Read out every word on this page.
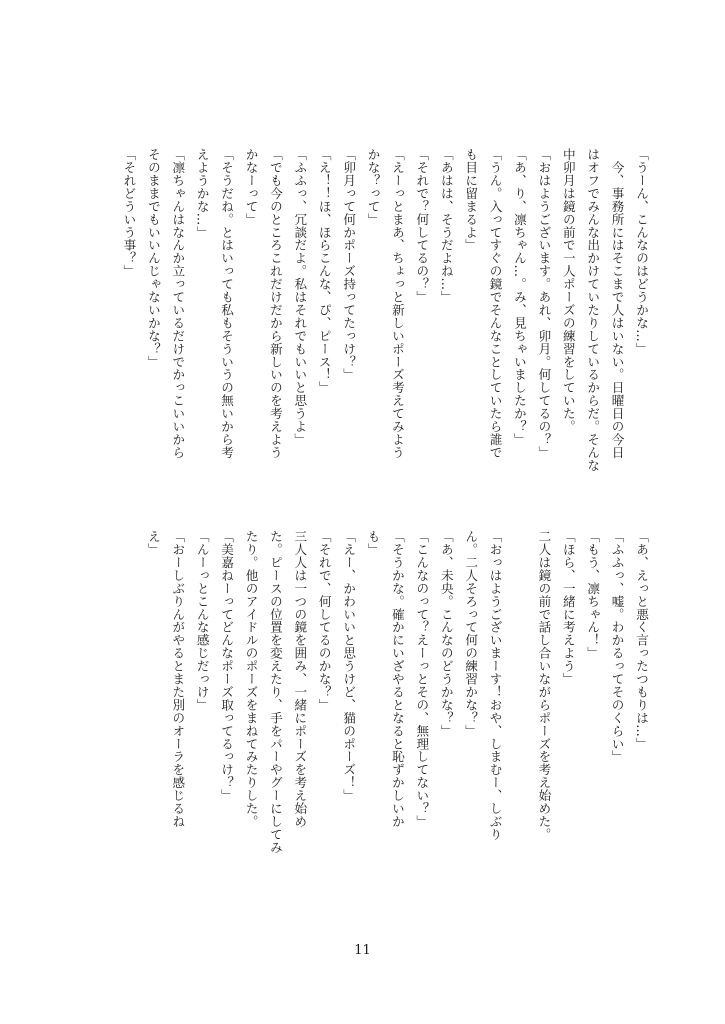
「うーん、こんなのはどうかな…」
　今、事務所にはそこまで人はいない。日曜日の今日
はオフでみんな出かけていたりしているからだ。そんな
中卯月は鏡の前で一人ポーズの練習をしていた。
「おはようございます。あれ、卯月。何してるの？」
「あ、り、凛ちゃん…。み、見ちゃいましたか？」
「うん。入ってすぐの鏡でそんなことしていたら誰で
も目に留まるよ」
「あはは、そうだよね…」
「それで？何してるの？」
「えーっとまあ、ちょっと新しいポーズ考えてみよう
かな？って」
「卯月って何かポーズ持ってたっけ？」
「え！！ほ、ほらこんな、ぴ、ピース！」
「ふふっ、冗談だよ。私はそれでもいいと思うよ」
「でも今のところこれだけだから新しいのを考えよう
かなーって」
「そうだね。とはいっても私もそういうの無いから考
えようかな…」
「凛ちゃんはなんか立っているだけでかっこいいから
そのままでもいいんじゃないかな？」
「それどういう事？」
「あ、えっと悪く言ったつもりは…」
「ふふっ、嘘。わかるってそのくらい」
「もう、凛ちゃん！」
「ほら、一緒に考えよう」
二人は鏡の前で話し合いながらポーズを考え始めた。

「おっはようございまーす！おや、しまむー、しぶり
ん。二人そろって何の練習かな？」
「あ、未央。こんなのどうかな？」
「こんなのって？えーっとその、無理してない？」
「そうかな。確かにいざやるとなると恥ずかしいか
も」
「えー、かわいいと思うけど、猫のポーズ！」
「それで、何してるのかな？」
三人人は一つの鏡を囲み、一緒にポーズを考え始め
た。ピースの位置を変えたり、手をパーやグーにしてみ
たり。他のアイドルのポーズをまねてみたりした。
「美嘉ねーってどんなポーズ取ってるっけ？」
「んーっとこんな感じだっけ」
「おーしぶりんがやるとまた別のオーラを感じるね
え」
11
